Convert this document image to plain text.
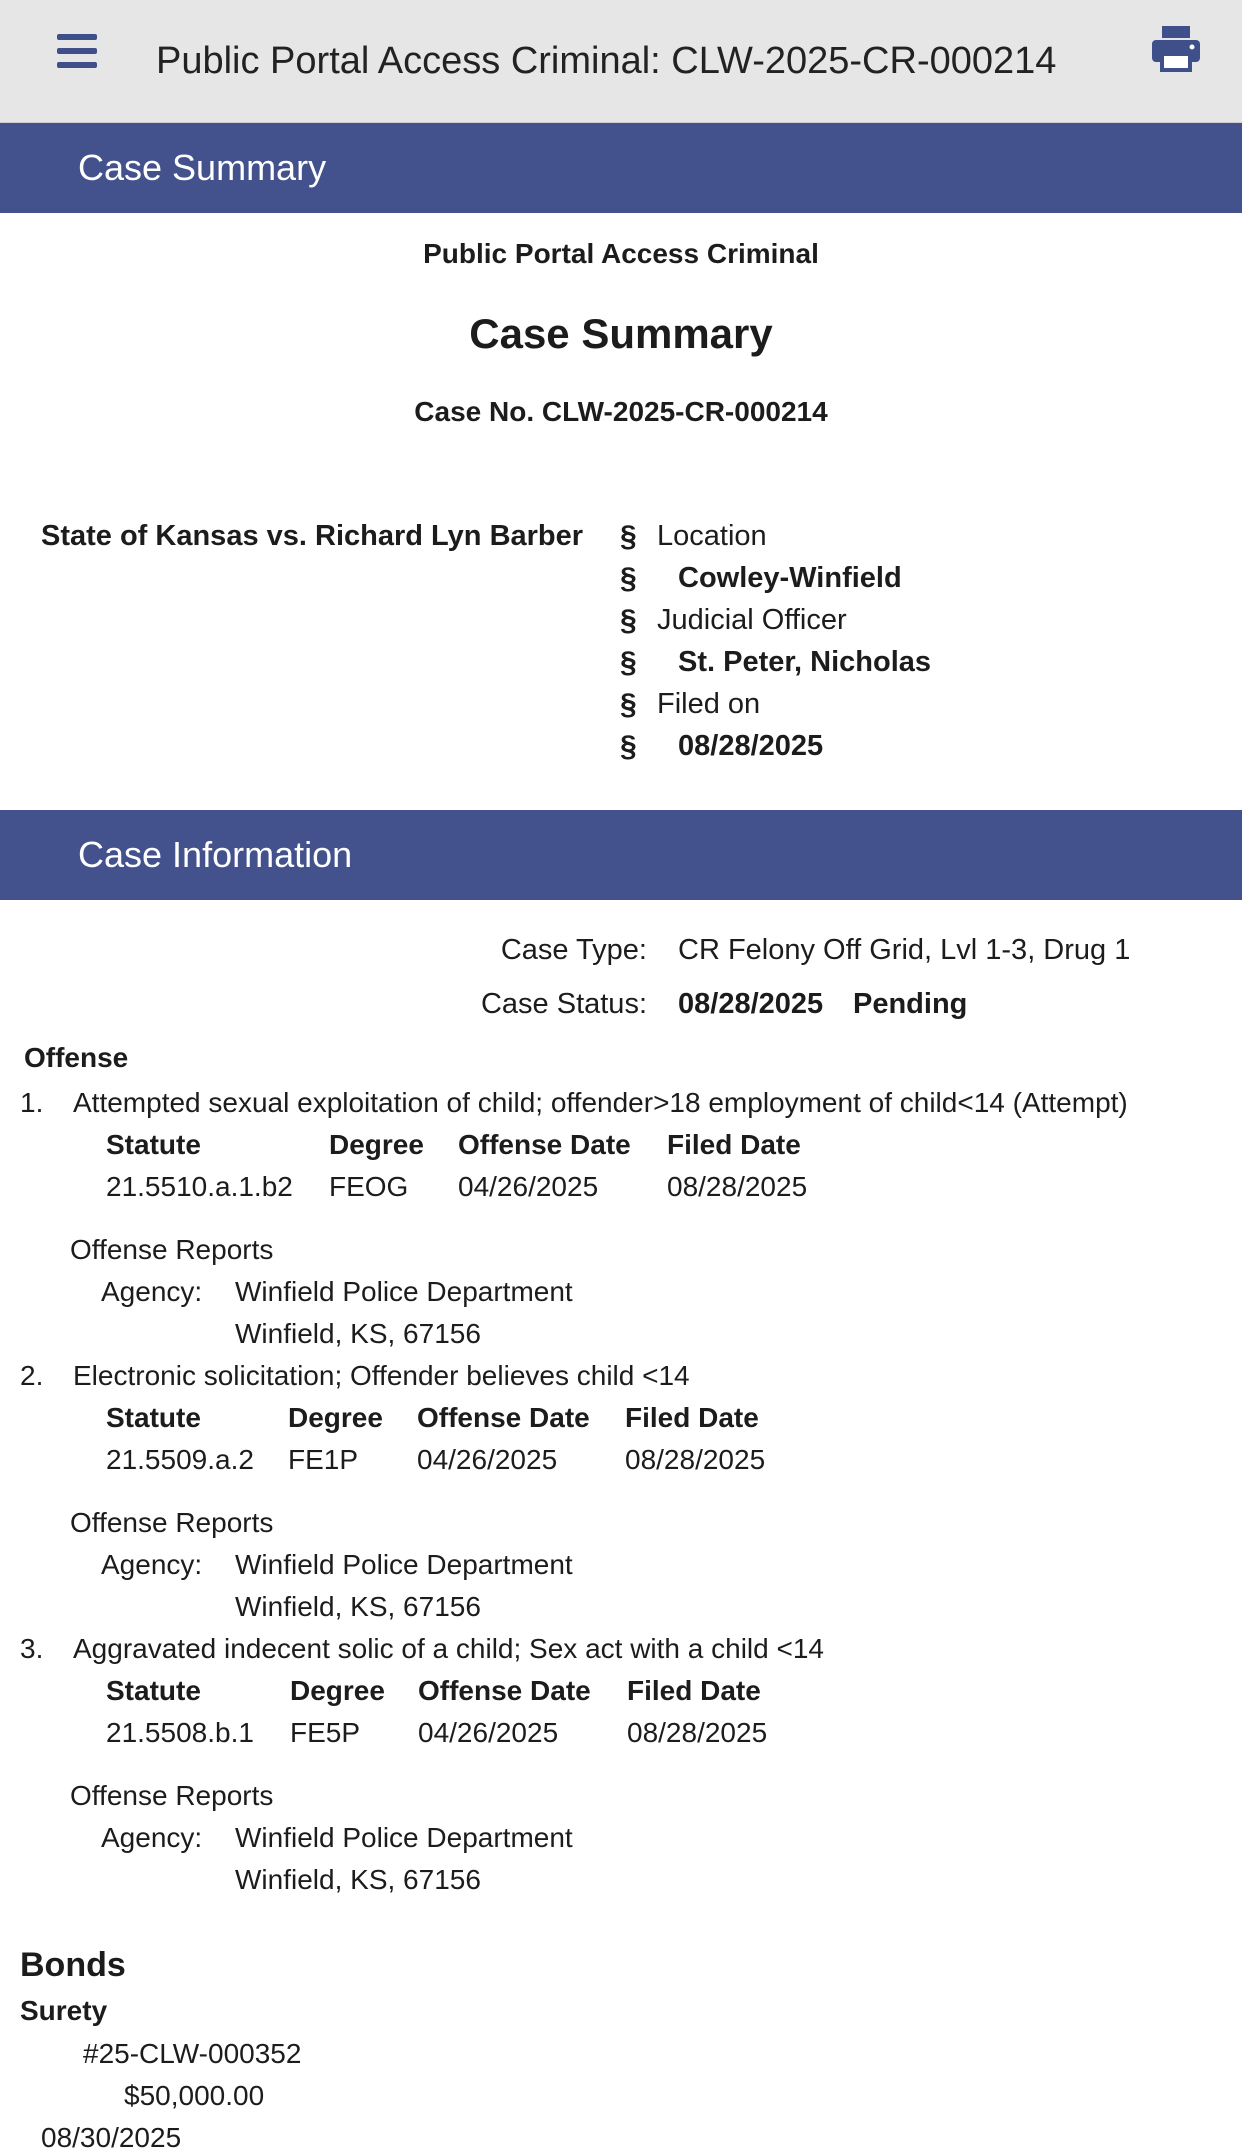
Public Portal Access Criminal: CLW-2025-CR-000214
Case Summary
Public Portal Access Criminal
Case Summary
Case No. CLW-2025-CR-000214
State of Kansas vs. Richard Lyn Barber § Location
§ Cowley-Winfield
§ Judicial Officer
§ St. Peter, Nicholas
§ Filed on
§ 08/28/2025
Case Information
Case Type: CR Felony Off Grid, Lvl 1-3, Drug 1
Case Status: 08/28/2025 Pending
Offense
1. Attempted sexual exploitation of child; offender>18 employment of child<14 (Attempt)
Statute	Degree Offense Date Filed Date
21.5510.a.1.b2 FEOG 04/26/2025 08/28/2025
Offense Reports
Agency: Winfield Police Department
Winfield, KS, 67156
2. Electronic solicitation; Offender believes child <14
Statute	Degree Offense Date Filed Date
21.5509.a.2 FE1P 04/26/2025 08/28/2025
Offense Reports
Agency: Winfield Police Department
Winfield, KS, 67156
3. Aggravated indecent solic of a child; Sex act with a child <14
Statute	Degree Offense Date Filed Date
21.5508.b.1 FE5P 04/26/2025 08/28/2025
Offense Reports
Agency: Winfield Police Department
Winfield, KS, 67156
Bonds
Surety
#25-CLW-000352
$50,000.00
08/30/2025
